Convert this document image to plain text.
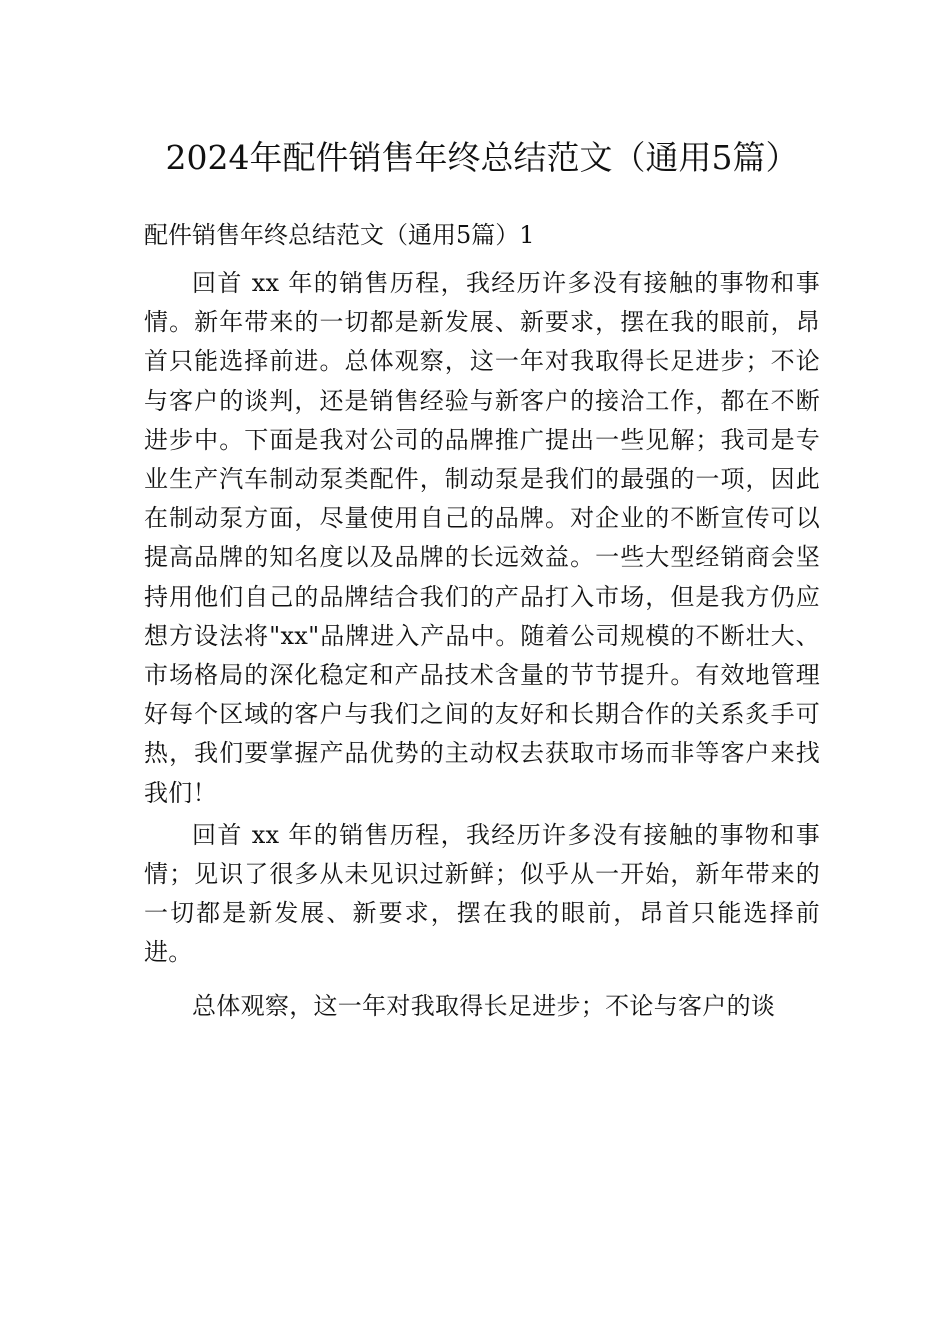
2024年配件销售年终总结范文（通用5篇）
配件销售年终总结范文（通用5篇）1

回首 xx 年的销售历程，我经历许多没有接触的事物和事情。新年带来的一切都是新发展、新要求，摆在我的眼前，昂首只能选择前进。总体观察，这一年对我取得长足进步；不论与客户的谈判，还是销售经验与新客户的接洽工作，都在不断进步中。下面是我对公司的品牌推广提出一些见解；我司是专业生产汽车制动泵类配件，制动泵是我们的最强的一项，因此在制动泵方面，尽量使用自己的品牌。对企业的不断宣传可以提高品牌的知名度以及品牌的长远效益。一些大型经销商会坚持用他们自己的品牌结合我们的产品打入市场，但是我方仍应想方设法将"xx"品牌进入产品中。随着公司规模的不断壮大、市场格局的深化稳定和产品技术含量的节节提升。有效地管理好每个区域的客户与我们之间的友好和长期合作的关系炙手可热，我们要掌握产品优势的主动权去获取市场而非等客户来找我们！

回首 xx 年的销售历程，我经历许多没有接触的事物和事情；见识了很多从未见识过新鲜；似乎从一开始，新年带来的一切都是新发展、新要求，摆在我的眼前，昂首只能选择前进。

总体观察，这一年对我取得长足进步；不论与客户的谈
